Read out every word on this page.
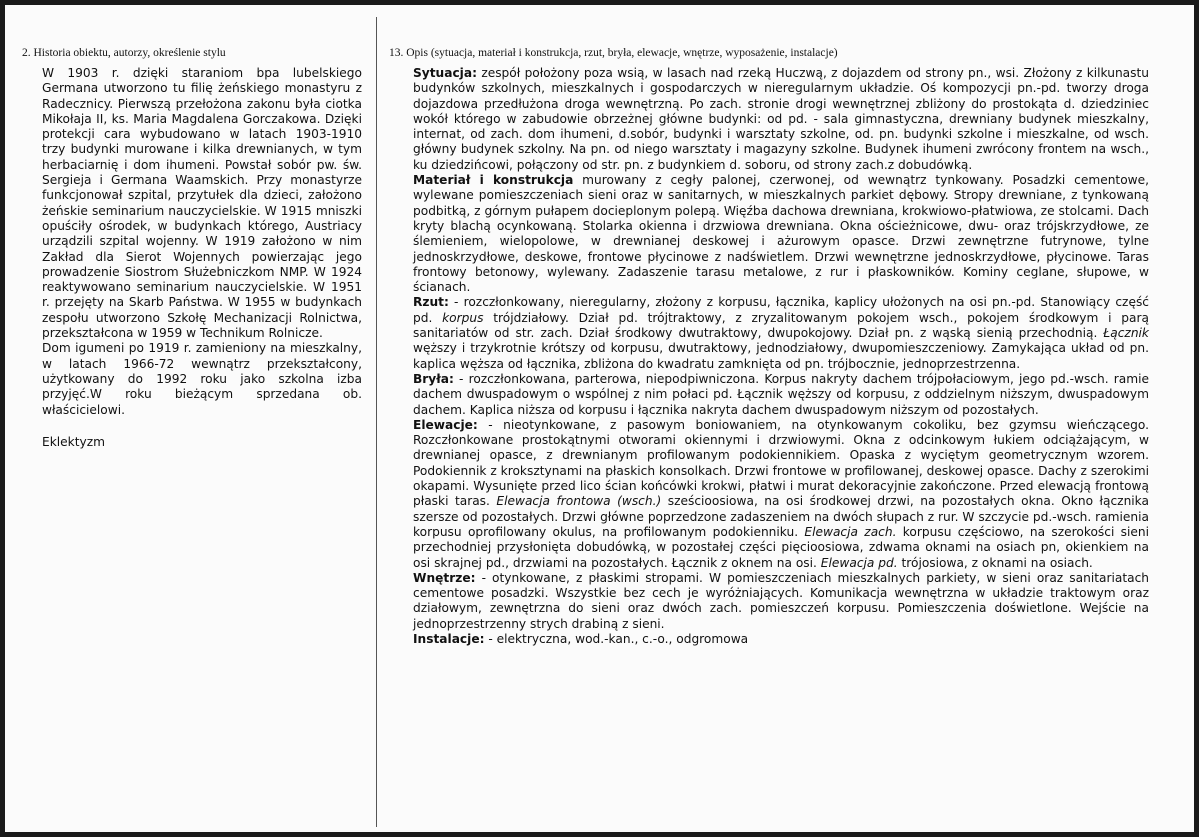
2. Historia obiektu, autorzy, określenie stylu

W 1903 r. dzięki staraniom bpa lubelskiego Germana utworzono tu filię żeńskiego monastyru z Radecznicy. Pierwszą przełożona zakonu była ciotka Mikołaja II, ks. Maria Magdalena Gorczakowa. Dzięki protekcji cara wybudowano w latach 1903-1910 trzy budynki murowane i kilka drewnianych, w tym herbaciarnię i dom ihumeni. Powstał sobór pw. św. Sergieja i Germana Waamskich. Przy monastyrze funkcjonował szpital, przytułek dla dzieci, założono żeńskie seminarium nauczycielskie. W 1915 mniszki opuściły ośrodek, w budynkach którego, Austriacy urządzili szpital wojenny. W 1919 założono w nim Zakład dla Sierot Wojennych powierzając jego prowadzenie Siostrom Służebniczkom NMP. W 1924 reaktywowano seminarium nauczycielskie. W 1951 r. przejęty na Skarb Państwa. W 1955 w budynkach zespołu utworzono Szkołę Mechanizacji Rolnictwa, przekształcona w 1959 w Technikum Rolnicze.

Dom igumeni po 1919 r. zamieniony na mieszkalny, w latach 1966-72 wewnątrz przekształcony, użytkowany do 1992 roku jako szkolna izba przyjęć.W roku bieżącym sprzedana ob. właścicielowi.

Eklektyzm

13. Opis (sytuacja, materiał i konstrukcja, rzut, bryła, elewacje, wnętrze, wyposażenie, instalacje)

Sytuacja: zespół położony poza wsią, w lasach nad rzeką Huczwą, z dojazdem od strony pn., wsi. Złożony z kilkunastu budynków szkolnych, mieszkalnych i gospodarczych w nieregularnym układzie. Oś kompozycji pn.-pd. tworzy droga dojazdowa przedłużona droga wewnętrzną. Po zach. stronie drogi wewnętrznej zbliżony do prostokąta d. dziedziniec wokół którego w zabudowie obrzeżnej główne budynki: od pd. - sala gimnastyczna, drewniany budynek mieszkalny, internat, od zach. dom ihumeni, d.sobór, budynki i warsztaty szkolne, od. pn. budynki szkolne i mieszkalne, od wsch. główny budynek szkolny. Na pn. od niego warsztaty i magazyny szkolne. Budynek ihumeni zwrócony frontem na wsch., ku dziedzińcowi, połączony od str. pn. z budynkiem d. soboru, od strony zach.z dobudówką.

Materiał i konstrukcja murowany z cegły palonej, czerwonej, od wewnątrz tynkowany. Posadzki cementowe, wylewane pomieszczeniach sieni oraz w sanitarnych, w mieszkalnych parkiet dębowy. Stropy drewniane, z tynkowaną podbitką, z górnym pułapem docieplonym polepą. Więźba dachowa drewniana, krokwiowo-płatwiowa, ze stolcami. Dach kryty blachą ocynkowaną. Stolarka okienna i drzwiowa drewniana. Okna ościeżnicowe, dwu- oraz trójskrzydłowe, ze ślemieniem, wielopolowe, w drewnianej deskowej i ażurowym opasce. Drzwi zewnętrzne futrynowe, tylne jednoskrzydłowe, deskowe, frontowe płycinowe z nadświetlem. Drzwi wewnętrzne jednoskrzydłowe, płycinowe. Taras frontowy betonowy, wylewany. Zadaszenie tarasu metalowe, z rur i płaskowników. Kominy ceglane, słupowe, w ścianach.

Rzut: - rozczłonkowany, nieregularny, złożony z korpusu, łącznika, kaplicy ułożonych na osi pn.-pd. Stanowiący część pd. korpus trójdziałowy. Dział pd. trójtraktowy, z zryzalitowanym pokojem wsch., pokojem środkowym i parą sanitariatów od str. zach. Dział środkowy dwutraktowy, dwupokojowy. Dział pn. z wąską sienią przechodnią. Łącznik węższy i trzykrotnie krótszy od korpusu, dwutraktowy, jednodziałowy, dwupomieszczeniowy. Zamykająca układ od pn. kaplica węższa od łącznika, zbliżona do kwadratu zamknięta od pn. trójbocznie, jednoprzestrzenna.

Bryła: - rozczłonkowana, parterowa, niepodpiwniczona. Korpus nakryty dachem trójpołaciowym, jego pd.-wsch. ramie dachem dwuspadowym o wspólnej z nim połaci pd. Łącznik węższy od korpusu, z oddzielnym niższym, dwuspadowym dachem. Kaplica niższa od korpusu i łącznika nakryta dachem dwuspadowym niższym od pozostałych.

Elewacje: - nieotynkowane, z pasowym boniowaniem, na otynkowanym cokoliku, bez gzymsu wieńczącego. Rozczłonkowane prostokątnymi otworami okiennymi i drzwiowymi. Okna z odcinkowym łukiem odciążającym, w drewnianej opasce, z drewnianym profilowanym podokiennikiem. Opaska z wyciętym geometrycznym wzorem. Podokiennik z kroksztynami na płaskich konsolkach. Drzwi frontowe w profilowanej, deskowej opasce. Dachy z szerokimi okapami. Wysunięte przed lico ścian końcówki krokwi, płatwi i murat dekoracyjnie zakończone. Przed elewacją frontową płaski taras. Elewacja frontowa (wsch.) sześcioosiowa, na osi środkowej drzwi, na pozostałych okna. Okno łącznika szersze od pozostałych. Drzwi główne poprzedzone zadaszeniem na dwóch słupach z rur. W szczycie pd.-wsch. ramienia korpusu oprofilowany okulus, na profilowanym podokienniku. Elewacja zach. korpusu częściowo, na szerokości sieni przechodniej przysłonięta dobudówką, w pozostałej części pięcioosiowa, zdwama oknami na osiach pn, okienkiem na osi skrajnej pd., drzwiami na pozostałych. Łącznik z oknem na osi. Elewacja pd. trójosiowa, z oknami na osiach.

Wnętrze: - otynkowane, z płaskimi stropami. W pomieszczeniach mieszkalnych parkiety, w sieni oraz sanitariatach cementowe posadzki. Wszystkie bez cech je wyróżniających. Komunikacja wewnętrzna w układzie traktowym oraz działowym, zewnętrzna do sieni oraz dwóch zach. pomieszczeń korpusu. Pomieszczenia doświetlone. Wejście na jednoprzestrzenny strych drabiną z sieni.

Instalacje: - elektryczna, wod.-kan., c.-o., odgromowa
